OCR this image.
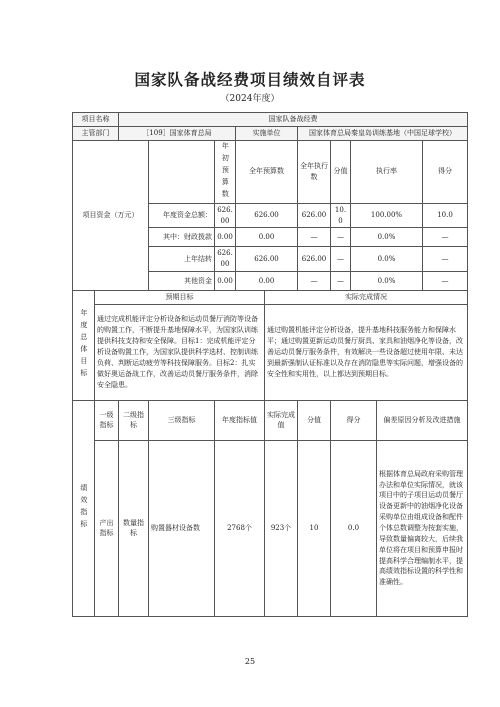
国家队备战经费项目绩效自评表
（2024年度）
项目名称		国家队备战经费									
主管部门		［109］国家体育总局			实施单位		国家体育总局秦皇岛训练基地（中国足球学校）				
项目资金（万元）				年初预算数	全年预算数		全年执行数	分值	执行率		得分
			年度资金总额：	626.00	626.00		626.00	10.0	100.00%		10.0
			其中：财政拨款	0.00	0.00		—	—	0.0%		—
			上年结转	626.00	626.00		626.00	—	0.0%		—
			其他资金	0.00	0.00		—	—	0.0%		—

年度总体目标	预期目标					实际完成情况					
	通过完成机能评定分析设备和运动员餐厅消防等设备的购置工作，不断提升基地保障水平，为国家队训练提供科技支持和安全保障。目标1：完成机能评定分析设备购置工作，为国家队提供科学选材、控制训练负荷、判断运动疲劳等科技保障服务。目标2：扎实做好奥运备战工作，改善运动员餐厅服务条件，消除安全隐患。					通过购置机能评定分析设备，提升基地科技服务能力和保障水平；通过购置更新运动员餐厅厨具、家具和油烟净化等设备，改善运动员餐厅服务条件，有效解决一些设备超过使用年限、未达到最新强制认证标准以及存在消防隐患等实际问题，增强设备的安全性和实用性，以上都达到预期目标。					

绩效指标	一级指标	二级指标	三级指标	年度指标值		实际完成值	分值	得分		偏差原因分析及改进措施	
	产出指标	数量指标	购置器材设备数	2768个		923个	10	0.0		根据体育总局政府采购管理办法和单位实际情况，就该项目中的子项目运动员餐厅设备更新中的油烟净化设备采购单位由组成设备和配件个体总数调整为按套实施，导致数量偏离较大，后续我单位将在项目和预算申报时提高科学合理编制水平，提高绩效指标设置的科学性和准确性。	
25
